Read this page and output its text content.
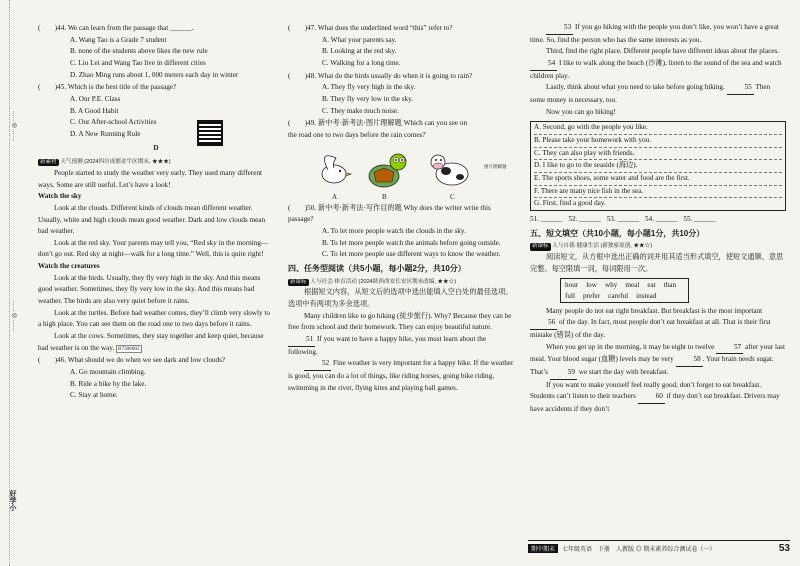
……◎……
……◎……
好学小

(　　)44. We can learn from the passage that ______.

A. Wang Tao is a Grade 7 student

B. none of the students above likes the new rule

C. Liu Lei and Wang Tao live in different cities

D. Zhao Ming runs about 1, 000 meters each day in winter

(　　)45. Which is the best title of the passage?

A. Our P.E. Class

B. A Good Habit

C. Our After-school Activities

D. A New Running Rule

D

新素材 天气预测 (2024四川成都金牛区期末, ★★★)

People started to study the weather very early. They used many different ways. Some are still useful. Let’s have a look!

Watch the sky

Look at the clouds. Different kinds of clouds mean different weather. Usually, white and high clouds mean good weather. Dark and low clouds mean bad weather.

Look at the red sky. Your parents may tell you, “Red sky in the morning—don’t go out. Red sky at night—walk for a long time.” Well, this is quite right!

Watch the creatures

Look at the birds. Usually, they fly very high in the sky. And this means good weather. Sometimes, they fly very low in the sky. And this means bad weather. The birds are also very quiet before it rains.

Look at the turtles. Before bad weather comes, they’ll climb very slowly to a high place. You can see them on the road one to two days before it rains.

Look at the cows. Sometimes, they stay together and keep quiet, because bad weather is on the way. B7306002

(　　)46. What should we do when we see dark and low clouds?

A. Go mountain climbing.

B. Ride a bike by the lake.

C. Stay at home.

(　　)47. What does the underlined word “this” refer to?

A. What your parents say.

B. Looking at the red sky.

C. Walking for a long time.

(　　)48. What do the birds usually do when it is going to rain?

A. They fly very high in the sky.

B. They fly very low in the sky.

C. They make much noise.

(　　)49. 新中考·新考法·图片理解题 Which can you see on the road one to two days before the rain comes?

A	B	C

(　　)50. 新中考·新考法·写作目的题 Why does the writer write this passage?

A. To let more people watch the clouds in the sky.

B. To let more people watch the animals before going outside.

C. To let more people use different ways to know the weather.

四、任务型阅读（共5小题，每小题2分，共10分）

新课标 人与社会·体育活动 (2024陕西西安长安区期末改编, ★★☆)

根据短文内容，从短文后的选项中选出能填入空白处的最佳选项。选项中有两项为多余选项。

Many children like to go hiking (徒步旅行). Why? Because they can be free from school and their homework. They can enjoy beautiful nature. 51 If you want to have a happy hike, you must learn about the following.

52 Fine weather is very important for a happy hike. If the weather is good, you can do a lot of things, like riding horses, going bike riding, swimming in the river, flying kites and playing ball games.

图片理解题

53 If you go hiking with the people you don’t like, you won’t have a great time. So, find the person who has the same interests as you.

Third, find the right place. Different people have different ideas about the places. 54 I like to walk along the beach (沙滩), listen to the sound of the sea and watch children play.

Lastly, think about what you need to take before going hiking.	55 Then some money is necessary, too.

Now you can go hiking!

A. Second, go with the people you like.

B. Please take your homework with you.

C. They can also play with friends.

D. I like to go to the seaside (海边).

E. The sports shoes, some water and food are the first.

F. There are many nice fish in the sea.

G. First, find a good day.

51. ______ 52. ______ 53. ______ 54. ______ 55. ______

五、短文填空（共10小题，每小题1分，共10分）

新课标 人与自我·健康生活 (新独家原创, ★★☆)

阅读短文，从方框中选出正确的词并用其适当形式填空，使短文通顺、意思完整。每空限填一词，每词限用一次。

hour low why meal eat than
full prefer careful instead

Many people do not eat right breakfast. But breakfast is the most important 56 of the day. In fact, most people don’t eat breakfast at all. That is their first mistake (错误) of the day.

When you get up in the morning, it may be eight to twelve	57 after your last meal. Your blood sugar (血糖) levels may be very	58 . Your brain needs sugar. That’s	59 we start the day with breakfast.

If you want to make yourself feel really good, don’t forget to eat breakfast. Students can’t listen to their teachers	60 if they don’t eat breakfast. Drivers may have accidents if they don’t

期中期末	七年级英语　下册　人教版 ◎ 期末素养综合测试卷（一）	53
